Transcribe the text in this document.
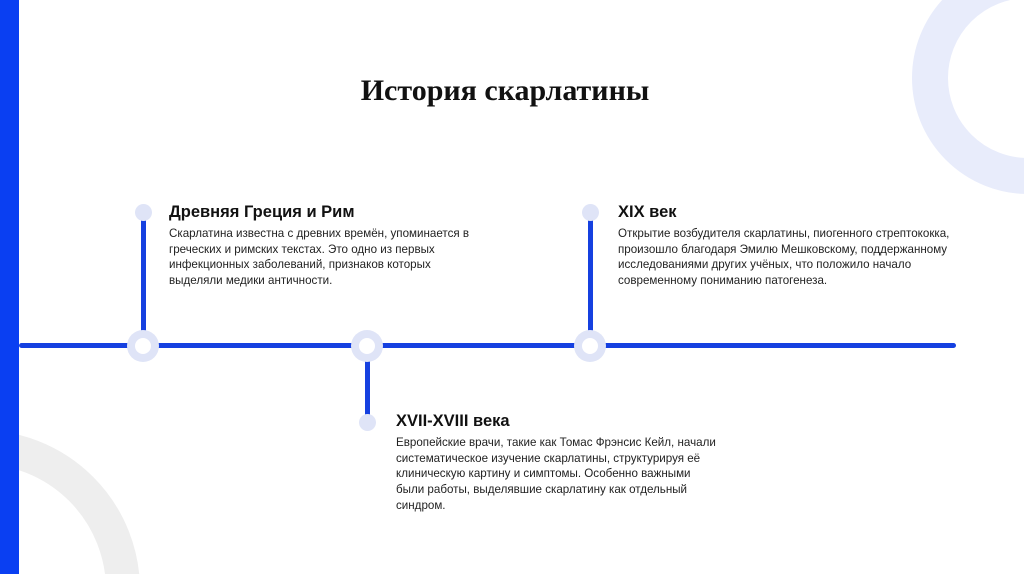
История скарлатины
Древняя Греция и Рим

Скарлатина известна с древних времён, упоминается в греческих и римских текстах. Это одно из первых инфекционных заболеваний, признаков которых выделяли медики античности.

XVII-XVIII века

Европейские врачи, такие как Томас Фрэнсис Кейл, начали систематическое изучение скарлатины, структурируя её клиническую картину и симптомы. Особенно важными были работы, выделявшие скарлатину как отдельный синдром.

XIX век

Открытие возбудителя скарлатины, пиогенного стрептококка, произошло благодаря Эмилю Мешковскому, поддержанному исследованиями других учёных, что положило начало современному пониманию патогенеза.
